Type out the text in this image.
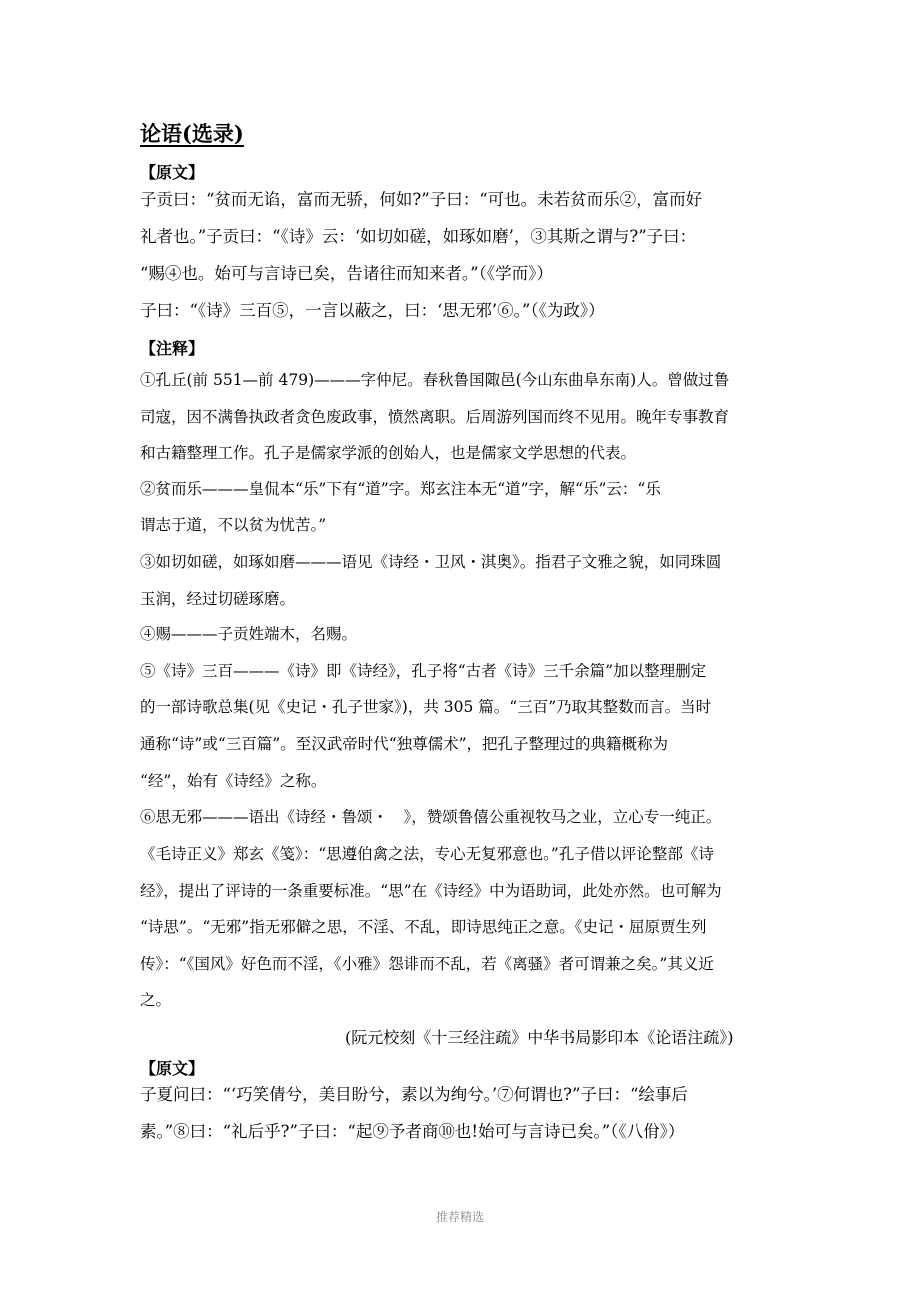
论语(选录)
【原文】
子贡曰：“贫而无谄，富而无骄，何如?”子曰：“可也。未若贫而乐②，富而好
礼者也。”子贡曰：“《诗》云：‘如切如磋，如琢如磨’，③其斯之谓与?”子曰：
“赐④也。始可与言诗已矣，告诸往而知来者。”（《学而》）
子曰：“《诗》三百⑤，一言以蔽之，曰：‘思无邪’⑥。”（《为政》）
【注释】
①孔丘(前 551—前 479)———字仲尼。春秋鲁国陬邑(今山东曲阜东南)人。曾做过鲁
司寇，因不满鲁执政者贪色废政事，愤然离职。后周游列国而终不见用。晚年专事教育
和古籍整理工作。孔子是儒家学派的创始人，也是儒家文学思想的代表。
②贫而乐———皇侃本“乐”下有“道”字。郑玄注本无“道”字，解“乐”云：“乐
谓志于道，不以贫为忧苦。”
③如切如磋，如琢如磨———语见《诗经・卫风・淇奥》。指君子文雅之貌，如同珠圆
玉润，经过切磋琢磨。
④赐———子贡姓端木，名赐。
⑤《诗》三百———《诗》即《诗经》，孔子将“古者《诗》三千余篇”加以整理删定
的一部诗歌总集(见《史记・孔子世家》)，共 305 篇。“三百”乃取其整数而言。当时
通称“诗”或“三百篇”。至汉武帝时代“独尊儒术”，把孔子整理过的典籍概称为
“经”，始有《诗经》之称。
⑥思无邪———语出《诗经・鲁颂・　》，赞颂鲁僖公重视牧马之业，立心专一纯正。
《毛诗正义》郑玄《笺》：“思遵伯禽之法，专心无复邪意也。”孔子借以评论整部《诗
经》，提出了评诗的一条重要标准。“思”在《诗经》中为语助词，此处亦然。也可解为
“诗思”。“无邪”指无邪僻之思，不淫、不乱，即诗思纯正之意。《史记・屈原贾生列
传》：“《国风》好色而不淫，《小雅》怨诽而不乱，若《离骚》者可谓兼之矣。”其义近
之。
(阮元校刻《十三经注疏》中华书局影印本《论语注疏》)
【原文】
子夏问曰：“‘巧笑倩兮，美目盼兮，素以为绚兮。’⑦何谓也?”子曰：“绘事后
素。”⑧曰：“礼后乎?”子曰：“起⑨予者商⑩也!始可与言诗已矣。”（《八佾》）
推荐精选
